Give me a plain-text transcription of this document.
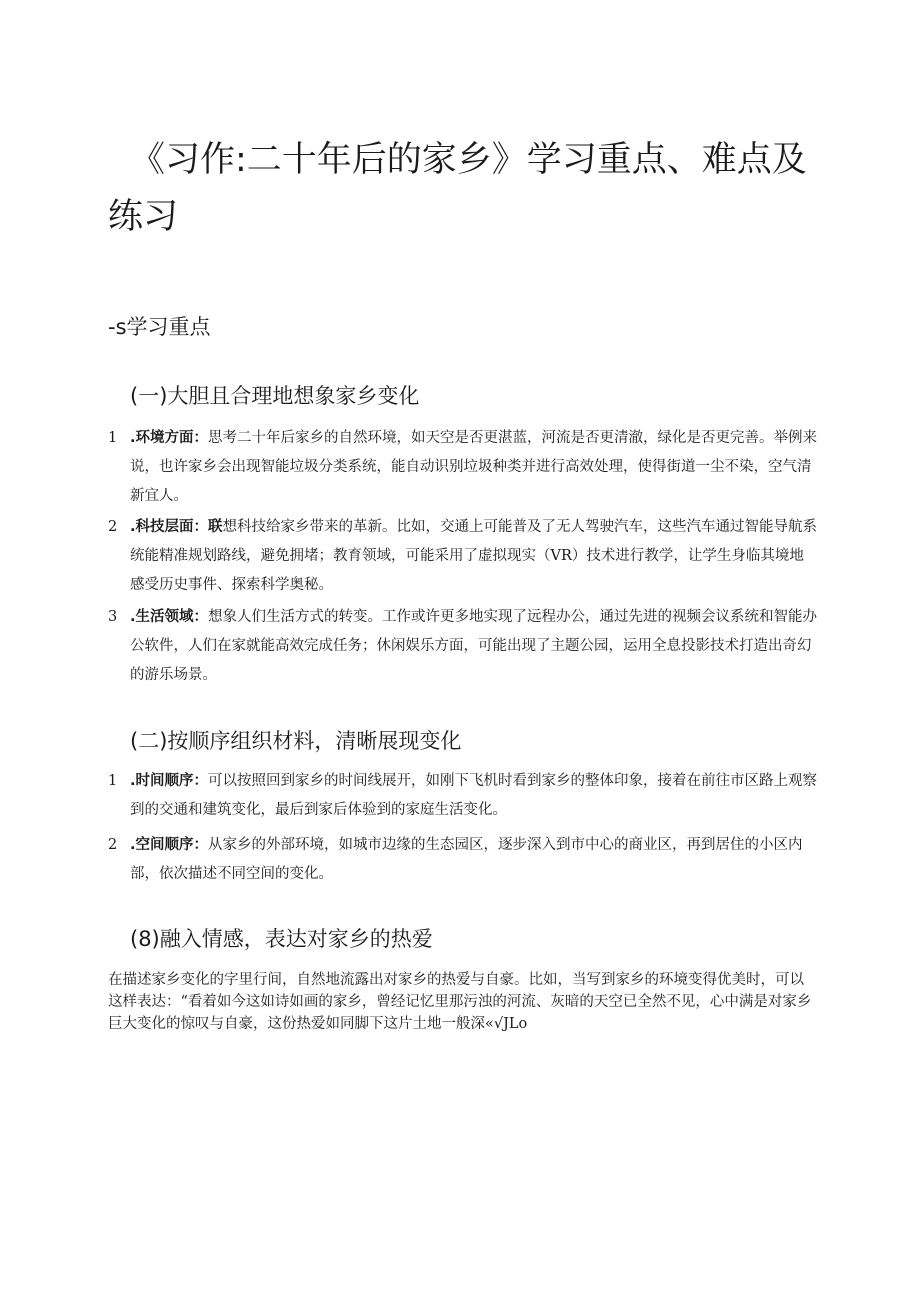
《习作:二十年后的家乡》学习重点、难点及练习
-s学习重点
(一)大胆且合理地想象家乡变化
1 .环境方面：思考二十年后家乡的自然环境，如天空是否更湛蓝，河流是否更清澈，绿化是否更完善。举例来说，也许家乡会出现智能垃圾分类系统，能自动识别垃圾种类并进行高效处理，使得街道一尘不染，空气清新宜人。
2 .科技层面：联想科技给家乡带来的革新。比如，交通上可能普及了无人驾驶汽车，这些汽车通过智能导航系统能精准规划路线，避免拥堵；教育领域，可能采用了虚拟现实（VR）技术进行教学，让学生身临其境地感受历史事件、探索科学奥秘。
3 .生活领域：想象人们生活方式的转变。工作或许更多地实现了远程办公，通过先进的视频会议系统和智能办公软件，人们在家就能高效完成任务；休闲娱乐方面，可能出现了主题公园，运用全息投影技术打造出奇幻的游乐场景。
(二)按顺序组织材料，清晰展现变化
1 .时间顺序：可以按照回到家乡的时间线展开，如刚下飞机时看到家乡的整体印象，接着在前往市区路上观察到的交通和建筑变化，最后到家后体验到的家庭生活变化。
2 .空间顺序：从家乡的外部环境，如城市边缘的生态园区，逐步深入到市中心的商业区，再到居住的小区内部，依次描述不同空间的变化。
(8)融入情感，表达对家乡的热爱

在描述家乡变化的字里行间，自然地流露出对家乡的热爱与自豪。比如，当写到家乡的环境变得优美时，可以这样表达：“看着如今这如诗如画的家乡，曾经记忆里那污浊的河流、灰暗的天空已全然不见，心中满是对家乡巨大变化的惊叹与自豪，这份热爱如同脚下这片土地一般深«√JLo
